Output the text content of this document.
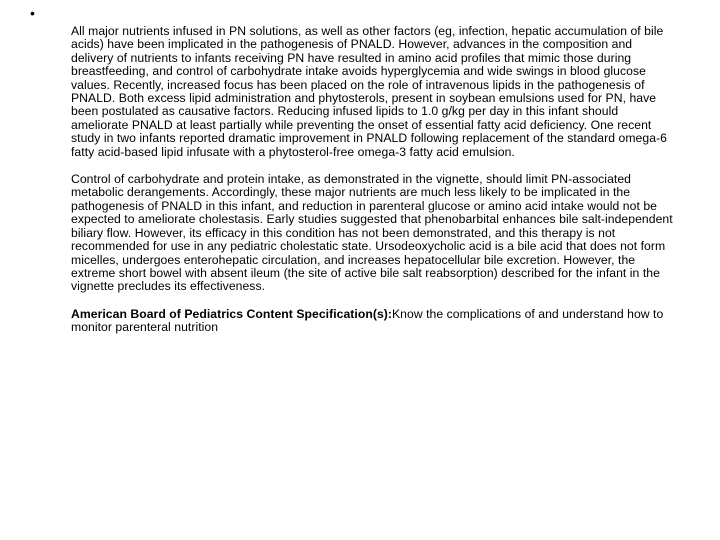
•

All major nutrients infused in PN solutions, as well as other factors (eg, infection, hepatic accumulation of bile acids) have been implicated in the pathogenesis of PNALD. However, advances in the composition and delivery of nutrients to infants receiving PN have resulted in amino acid profiles that mimic those during breastfeeding, and control of carbohydrate intake avoids hyperglycemia and wide swings in blood glucose values. Recently, increased focus has been placed on the role of intravenous lipids in the pathogenesis of PNALD. Both excess lipid administration and phytosterols, present in soybean emulsions used for PN, have been postulated as causative factors. Reducing infused lipids to 1.0 g/kg per day in this infant should ameliorate PNALD at least partially while preventing the onset of essential fatty acid deficiency. One recent study in two infants reported dramatic improvement in PNALD following replacement of the standard omega-6 fatty acid-based lipid infusate with a phytosterol-free omega-3 fatty acid emulsion.

Control of carbohydrate and protein intake, as demonstrated in the vignette, should limit PN-associated metabolic derangements. Accordingly, these major nutrients are much less likely to be implicated in the pathogenesis of PNALD in this infant, and reduction in parenteral glucose or amino acid intake would not be expected to ameliorate cholestasis. Early studies suggested that phenobarbital enhances bile salt-independent biliary flow. However, its efficacy in this condition has not been demonstrated, and this therapy is not recommended for use in any pediatric cholestatic state. Ursodeoxycholic acid is a bile acid that does not form micelles, undergoes enterohepatic circulation, and increases hepatocellular bile excretion. However, the extreme short bowel with absent ileum (the site of active bile salt reabsorption) described for the infant in the vignette precludes its effectiveness.

American Board of Pediatrics Content Specification(s):Know the complications of and understand how to monitor parenteral nutrition
